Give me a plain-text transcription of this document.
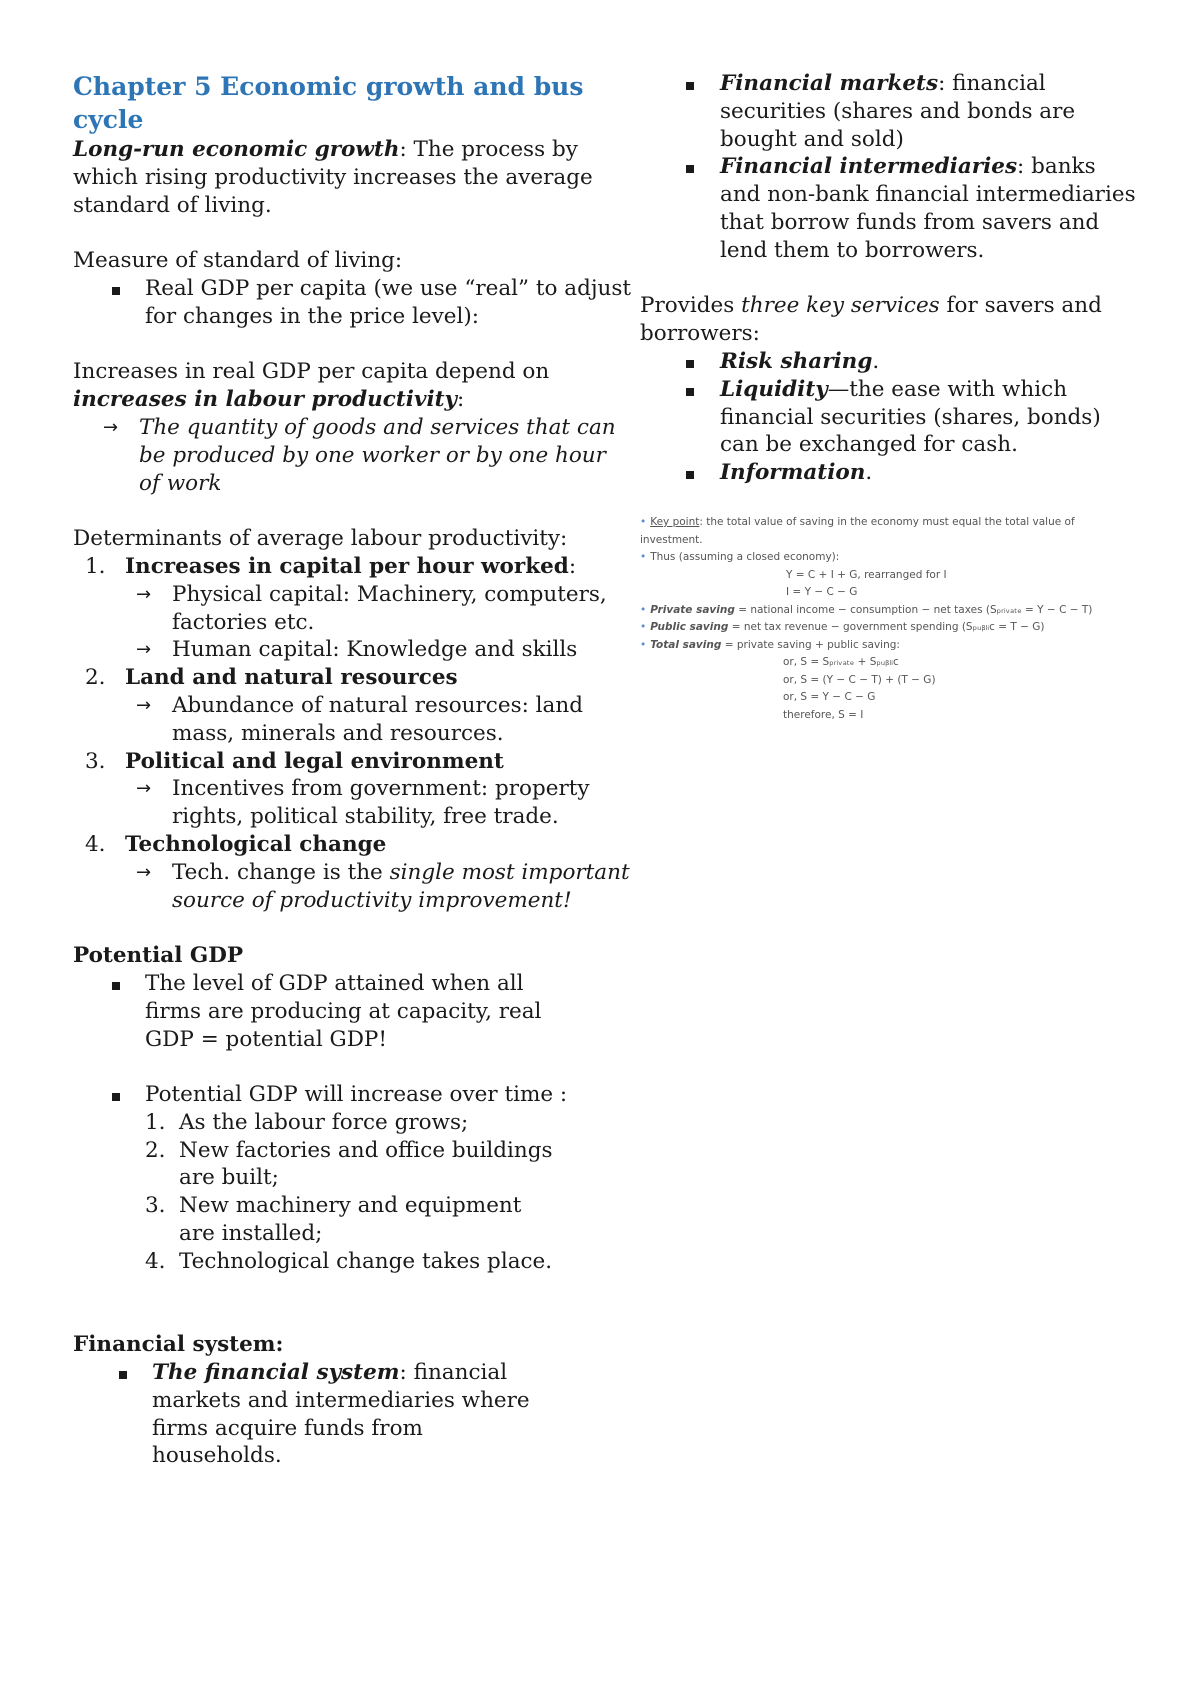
Chapter 5 Economic growth and bus cycle

Long-run economic growth: The process by which rising productivity increases the average standard of living.

Measure of standard of living:

Real GDP per capita (we use “real” to adjust for changes in the price level):

Increases in real GDP per capita depend on

increases in labour productivity:

→ The quantity of goods and services that can be produced by one worker or by one hour of work

Determinants of average labour productivity:

1. Increases in capital per hour worked:
→ Physical capital: Machinery, computers, factories etc.
→ Human capital: Knowledge and skills
2. Land and natural resources
→ Abundance of natural resources: land mass, minerals and resources.
3. Political and legal environment
→ Incentives from government: property rights, political stability, free trade.
4. Technological change
→ Tech. change is the single most important source of productivity improvement!

Potential GDP

The level of GDP attained when all firms are producing at capacity, real GDP = potential GDP!
Potential GDP will increase over time :
1. As the labour force grows;
2. New factories and office buildings are built;
3. New machinery and equipment are installed;
4. Technological change takes place.

Financial system:

The financial system: financial markets and intermediaries where firms acquire funds from households.
Financial markets: financial securities (shares and bonds are bought and sold)
Financial intermediaries: banks and non-bank financial intermediaries that borrow funds from savers and lend them to borrowers.

Provides three key services for savers and borrowers:

Risk sharing.
Liquidity—the ease with which financial securities (shares, bonds) can be exchanged for cash.
Information.
• Key point: the total value of saving in the economy must equal the total value of investment.
• Thus (assuming a closed economy):
Y = C + I + G, rearranged for I
I = Y − C − G
• Private saving = national income − consumption − net taxes (Sₚᵣᵢᵥₐₜₑ = Y − C − T)
• Public saving = net tax revenue − government spending (Sₚᵤᵦₗᵢc = T − G)
• Total saving = private saving + public saving:
or, S = Sₚᵣᵢᵥₐₜₑ + Sₚᵤᵦₗᵢc
or, S = (Y − C − T) + (T − G)
or, S = Y − C − G
therefore, S = I
